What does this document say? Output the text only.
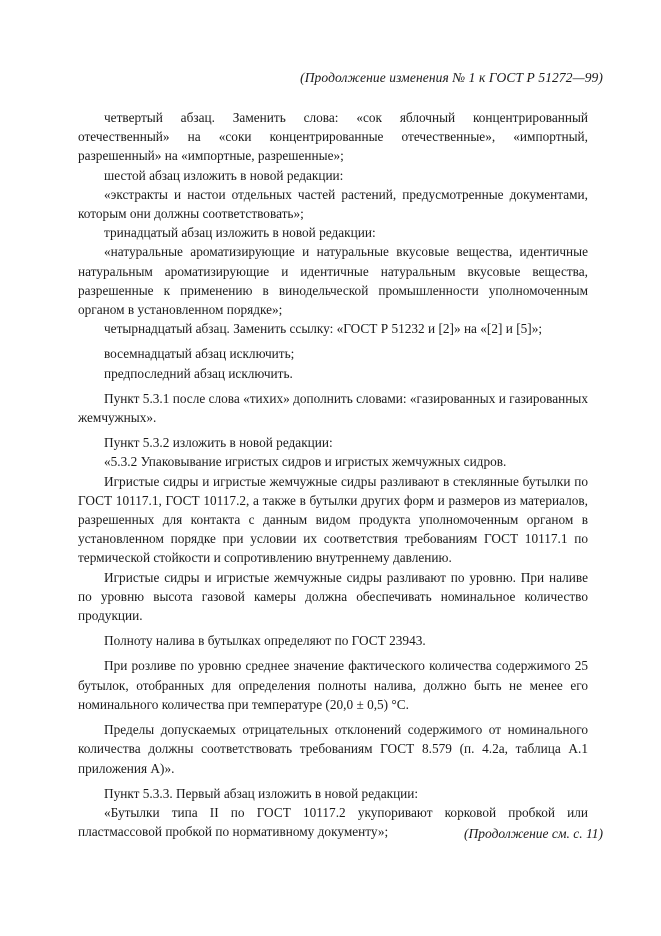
(Продолжение изменения № 1 к ГОСТ Р 51272—99)

четвертый абзац. Заменить слова: «сок яблочный концентрированный отечественный» на «соки концентрированные отечественные», «импортный, разрешенный» на «импортные, разрешенные»;

шестой абзац изложить в новой редакции:

«экстракты и настои отдельных частей растений, предусмотренные документами, которым они должны соответствовать»;

тринадцатый абзац изложить в новой редакции:

«натуральные ароматизирующие и натуральные вкусовые вещества, идентичные натуральным ароматизирующие и идентичные натуральным вкусовые вещества, разрешенные к применению в винодельческой промышленности уполномоченным органом в установленном порядке»;

четырнадцатый абзац. Заменить ссылку: «ГОСТ Р 51232 и [2]» на «[2] и [5]»;

восемнадцатый абзац исключить;

предпоследний абзац исключить.

Пункт 5.3.1 после слова «тихих» дополнить словами: «газированных и газированных жемчужных».

Пункт 5.3.2 изложить в новой редакции:

«5.3.2 Упаковывание игристых сидров и игристых жемчужных сидров.

Игристые сидры и игристые жемчужные сидры разливают в стеклянные бутылки по ГОСТ 10117.1, ГОСТ 10117.2, а также в бутылки других форм и размеров из материалов, разрешенных для контакта с данным видом продукта уполномоченным органом в установленном порядке при условии их соответствия требованиям ГОСТ 10117.1 по термической стойкости и сопротивлению внутреннему давлению.

Игристые сидры и игристые жемчужные сидры разливают по уровню. При наливе по уровню высота газовой камеры должна обеспечивать номинальное количество продукции.

Полноту налива в бутылках определяют по ГОСТ 23943.

При розливе по уровню среднее значение фактического количества содержимого 25 бутылок, отобранных для определения полноты налива, должно быть не менее его номинального количества при температуре (20,0 ± 0,5) °С.

Пределы допускаемых отрицательных отклонений содержимого от номинального количества должны соответствовать требованиям ГОСТ 8.579 (п. 4.2а, таблица А.1 приложения А)».

Пункт 5.3.3. Первый абзац изложить в новой редакции:

«Бутылки типа II по ГОСТ 10117.2 укупоривают корковой пробкой или пластмассовой пробкой по нормативному документу»;	(Продолжение см. с. 11)
